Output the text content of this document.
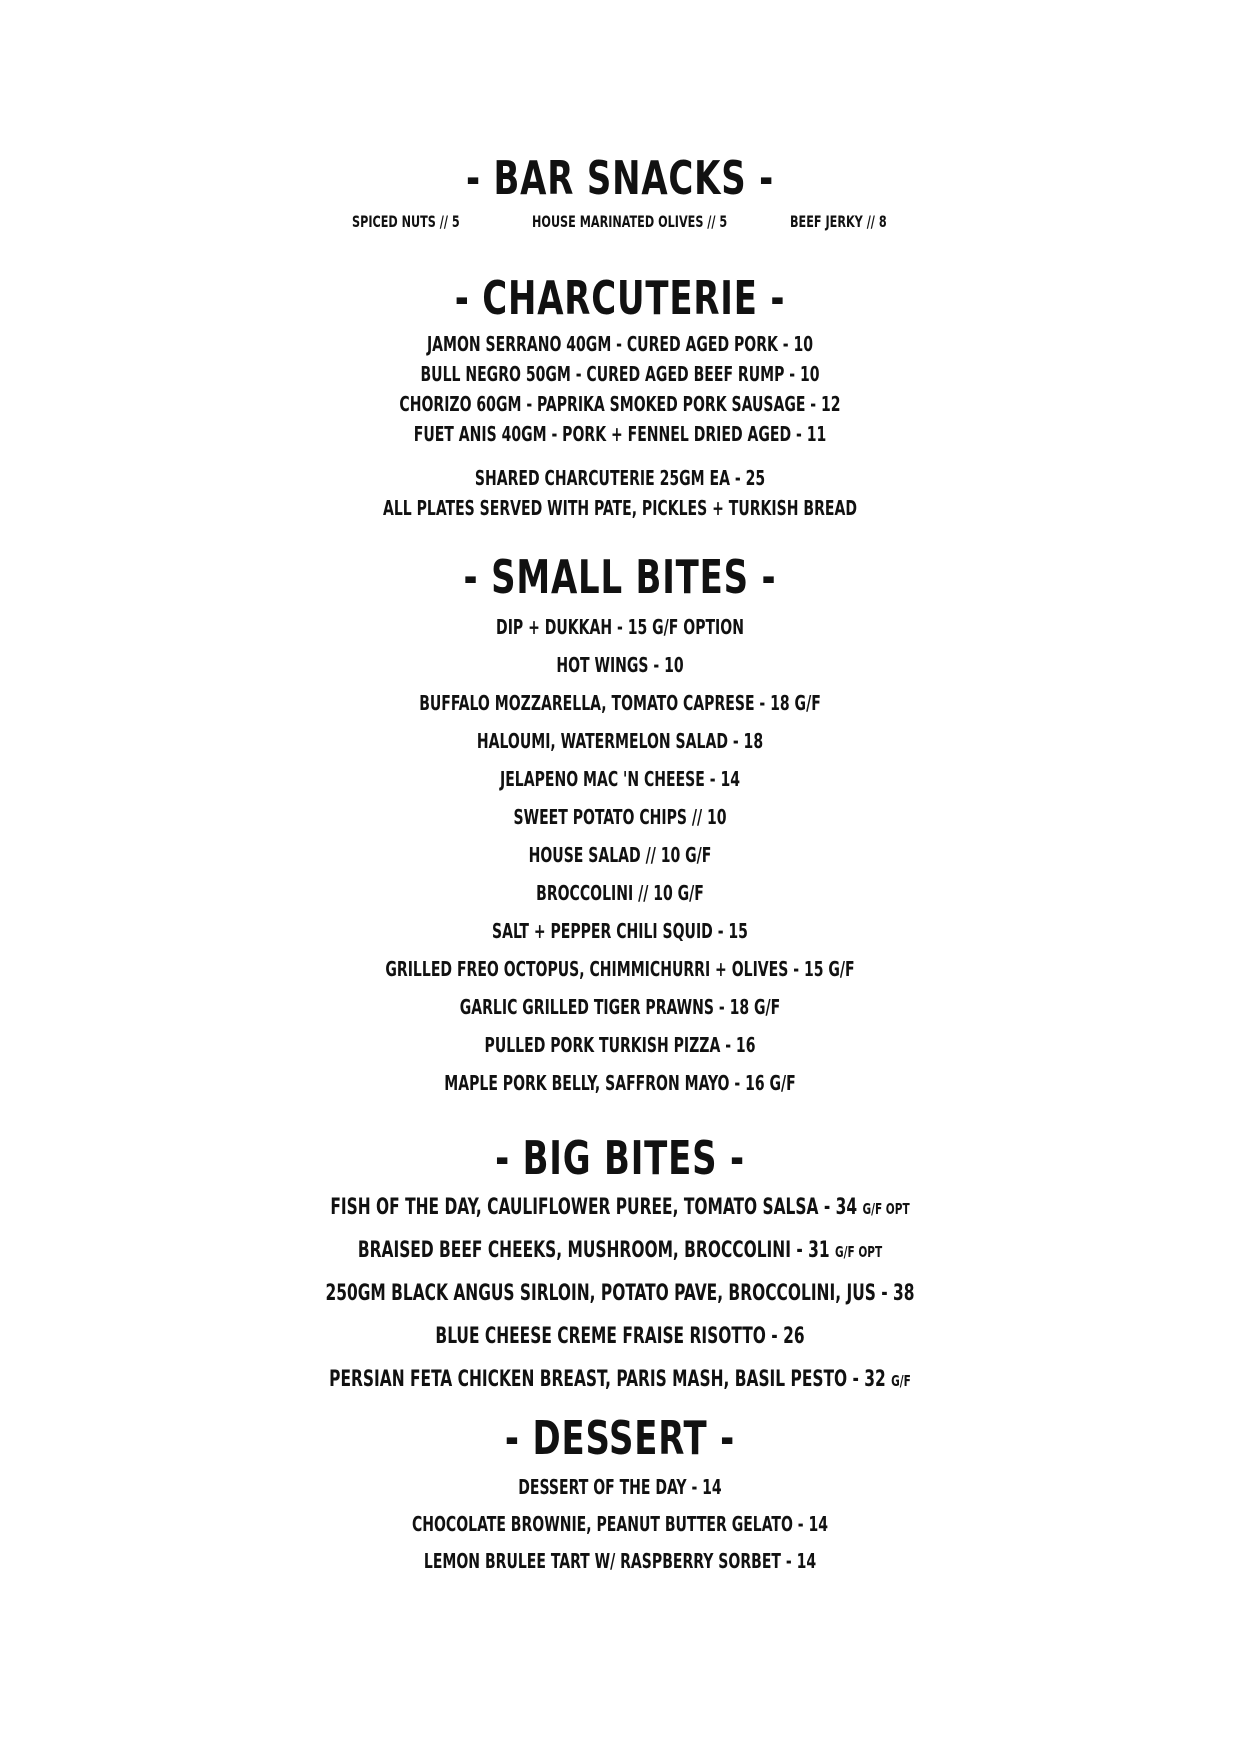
- BAR SNACKS -
SPICED NUTS // 5	HOUSE MARINATED OLIVES // 5	BEEF JERKY // 8
- CHARCUTERIE -
JAMON SERRANO 40GM - CURED AGED PORK - 10
BULL NEGRO 50GM - CURED AGED BEEF RUMP - 10
CHORIZO 60GM - PAPRIKA SMOKED PORK SAUSAGE - 12
FUET ANIS 40GM - PORK + FENNEL DRIED AGED - 11
SHARED CHARCUTERIE 25GM EA - 25
ALL PLATES SERVED WITH PATE, PICKLES + TURKISH BREAD
- SMALL BITES -
DIP + DUKKAH - 15 G/F OPTION
HOT WINGS - 10
BUFFALO MOZZARELLA, TOMATO CAPRESE - 18 G/F
HALOUMI, WATERMELON SALAD - 18
JELAPENO MAC 'N CHEESE - 14
SWEET POTATO CHIPS // 10
HOUSE SALAD // 10 G/F
BROCCOLINI // 10 G/F
SALT + PEPPER CHILI SQUID - 15
GRILLED FREO OCTOPUS, CHIMMICHURRI + OLIVES - 15 G/F
GARLIC GRILLED TIGER PRAWNS - 18 G/F
PULLED PORK TURKISH PIZZA - 16
MAPLE PORK BELLY, SAFFRON MAYO - 16 G/F
- BIG BITES -
FISH OF THE DAY, CAULIFLOWER PUREE, TOMATO SALSA - 34 G/F OPT
BRAISED BEEF CHEEKS, MUSHROOM, BROCCOLINI - 31 G/F OPT
250GM BLACK ANGUS SIRLOIN, POTATO PAVE, BROCCOLINI, JUS - 38
BLUE CHEESE CREME FRAISE RISOTTO - 26
PERSIAN FETA CHICKEN BREAST, PARIS MASH, BASIL PESTO - 32 G/F
- DESSERT -
DESSERT OF THE DAY - 14
CHOCOLATE BROWNIE, PEANUT BUTTER GELATO - 14
LEMON BRULEE TART W/ RASPBERRY SORBET - 14
